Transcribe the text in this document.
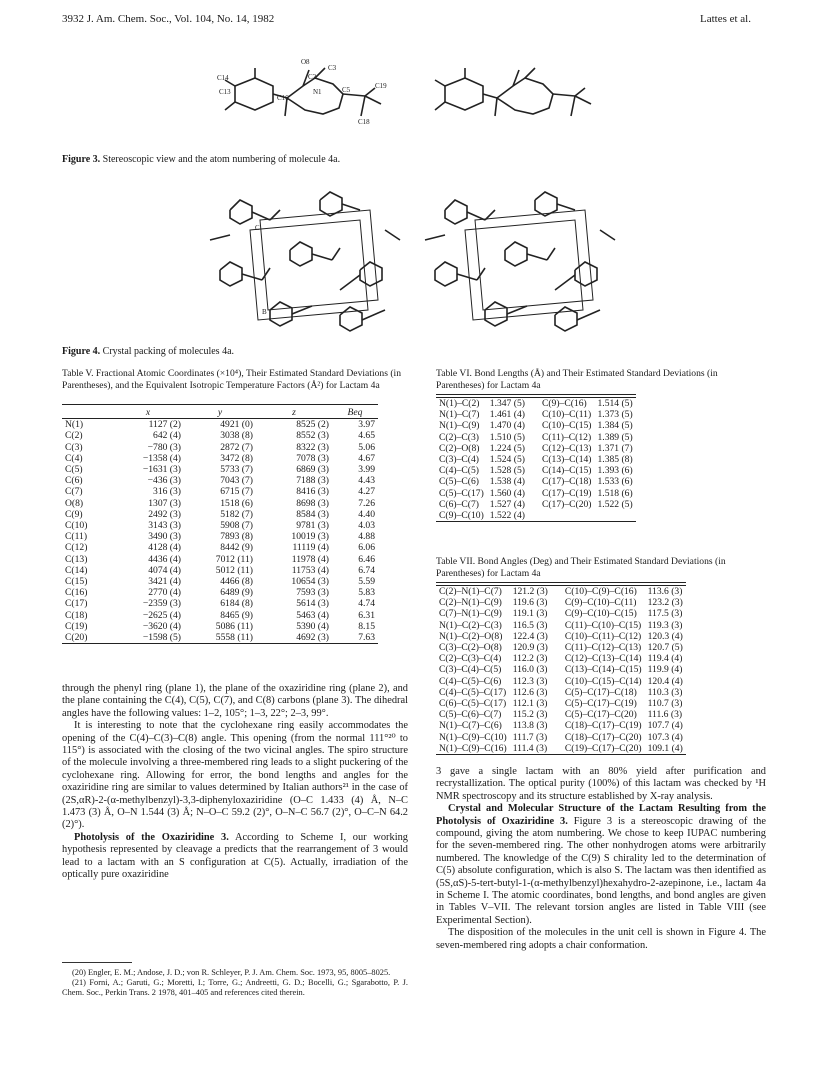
3932 J. Am. Chem. Soc., Vol. 104, No. 14, 1982	Lattes et al.
O8
C2
C3
C5	C19
N1
C13
C14
C16
C18
Figure 3. Stereoscopic view and the atom numbering of molecule 4a.
C
B
Figure 4. Crystal packing of molecules 4a.
Table V. Fractional Atomic Coordinates (×10⁴), Their Estimated Standard Deviations (in Parentheses), and the Equivalent Isotropic Temperature Factors (Å²) for Lactam 4a

	x	y	z	Beq
N(1)	1127 (2)	4921 (0)	8525 (2)	3.97
C(2)	642 (4)	3038 (8)	8552 (3)	4.65
C(3)	−780 (3)	2872 (7)	8322 (3)	5.06
C(4)	−1358 (4)	3472 (8)	7078 (3)	4.67
C(5)	−1631 (3)	5733 (7)	6869 (3)	3.99
C(6)	−436 (3)	7043 (7)	7188 (3)	4.43
C(7)	316 (3)	6715 (7)	8416 (3)	4.27
O(8)	1307 (3)	1518 (6)	8698 (3)	7.26
C(9)	2492 (3)	5182 (7)	8584 (3)	4.40
C(10)	3143 (3)	5908 (7)	9781 (3)	4.03
C(11)	3490 (3)	7893 (8)	10019 (3)	4.88
C(12)	4128 (4)	8442 (9)	11119 (4)	6.06
C(13)	4436 (4)	7012 (11)	11978 (4)	6.46
C(14)	4074 (4)	5012 (11)	11753 (4)	6.74
C(15)	3421 (4)	4466 (8)	10654 (3)	5.59
C(16)	2770 (4)	6489 (9)	7593 (3)	5.83
C(17)	−2359 (3)	6184 (8)	5614 (3)	4.74
C(18)	−2625 (4)	8465 (9)	5463 (4)	6.31
C(19)	−3620 (4)	5086 (11)	5390 (4)	8.15
C(20)	−1598 (5)	5558 (11)	4692 (3)	7.63
Table VI. Bond Lengths (Å) and Their Estimated Standard Deviations (in Parentheses) for Lactam 4a

N(1)–C(2)	1.347 (5)	C(9)–C(16)	1.514 (5)
N(1)–C(7)	1.461 (4)	C(10)–C(11)	1.373 (5)
N(1)–C(9)	1.470 (4)	C(10)–C(15)	1.384 (5)
C(2)–C(3)	1.510 (5)	C(11)–C(12)	1.389 (5)
C(2)–O(8)	1.224 (5)	C(12)–C(13)	1.371 (7)
C(3)–C(4)	1.524 (5)	C(13)–C(14)	1.385 (8)
C(4)–C(5)	1.528 (5)	C(14)–C(15)	1.393 (6)
C(5)–C(6)	1.538 (4)	C(17)–C(18)	1.533 (6)
C(5)–C(17)	1.560 (4)	C(17)–C(19)	1.518 (6)
C(6)–C(7)	1.527 (4)	C(17)–C(20)	1.522 (5)
C(9)–C(10)	1.522 (4)		
Table VII. Bond Angles (Deg) and Their Estimated Standard Deviations (in Parentheses) for Lactam 4a

C(2)–N(1)–C(7)	121.2 (3)	C(10)–C(9)–C(16)	113.6 (3)
C(2)–N(1)–C(9)	119.6 (3)	C(9)–C(10)–C(11)	123.2 (3)
C(7)–N(1)–C(9)	119.1 (3)	C(9)–C(10)–C(15)	117.5 (3)
N(1)–C(2)–C(3)	116.5 (3)	C(11)–C(10)–C(15)	119.3 (3)
N(1)–C(2)–O(8)	122.4 (3)	C(10)–C(11)–C(12)	120.3 (4)
C(3)–C(2)–O(8)	120.9 (3)	C(11)–C(12)–C(13)	120.7 (5)
C(2)–C(3)–C(4)	112.2 (3)	C(12)–C(13)–C(14)	119.4 (4)
C(3)–C(4)–C(5)	116.0 (3)	C(13)–C(14)–C(15)	119.9 (4)
C(4)–C(5)–C(6)	112.3 (3)	C(10)–C(15)–C(14)	120.4 (4)
C(4)–C(5)–C(17)	112.6 (3)	C(5)–C(17)–C(18)	110.3 (3)
C(6)–C(5)–C(17)	112.1 (3)	C(5)–C(17)–C(19)	110.7 (3)
C(5)–C(6)–C(7)	115.2 (3)	C(5)–C(17)–C(20)	111.6 (3)
N(1)–C(7)–C(6)	113.8 (3)	C(18)–C(17)–C(19)	107.7 (4)
N(1)–C(9)–C(10)	111.7 (3)	C(18)–C(17)–C(20)	107.3 (4)
N(1)–C(9)–C(16)	111.4 (3)	C(19)–C(17)–C(20)	109.1 (4)

through the phenyl ring (plane 1), the plane of the oxaziridine ring (plane 2), and the plane containing the C(4), C(5), C(7), and C(8) carbons (plane 3). The dihedral angles have the following values: 1–2, 105°; 1–3, 22°; 2–3, 99°.

It is interesting to note that the cyclohexane ring easily accommodates the opening of the C(4)–C(3)–C(8) angle. This opening (from the normal 111°²⁰ to 115°) is associated with the closing of the two vicinal angles. The spiro structure of the molecule involving a three-membered ring leads to a slight puckering of the cyclohexane ring. Allowing for error, the bond lengths and angles for the oxaziridine ring are similar to values determined by Italian authors²¹ in the case of (2S,αR)-2-(α-methylbenzyl)-3,3-diphenyloxaziridine (O–C 1.433 (4) Å, N–C 1.473 (3) Å, O–N 1.544 (3) Å; N–O–C 59.2 (2)°, O–N–C 56.7 (2)°, O–C–N 64.2 (2)°).

Photolysis of the Oxaziridine 3. According to Scheme I, our working hypothesis represented by cleavage a predicts that the rearrangement of 3 would lead to a lactam with an S configuration at C(5). Actually, irradiation of the optically pure oxaziridine

(20) Engler, E. M.; Andose, J. D.; von R. Schleyer, P. J. Am. Chem. Soc. 1973, 95, 8005–8025.

(21) Forni, A.; Garuti, G.; Moretti, I.; Torre, G.; Andreetti, G. D.; Bocelli, G.; Sgarabotto, P. J. Chem. Soc., Perkin Trans. 2 1978, 401–405 and references cited therein.

3 gave a single lactam with an 80% yield after purification and recrystallization. The optical purity (100%) of this lactam was checked by ¹H NMR spectroscopy and its structure established by X-ray analysis.

Crystal and Molecular Structure of the Lactam Resulting from the Photolysis of Oxaziridine 3. Figure 3 is a stereoscopic drawing of the compound, giving the atom numbering. We chose to keep IUPAC numbering for the seven-membered ring. The other nonhydrogen atoms were arbitrarily numbered. The knowledge of the C(9) S chirality led to the determination of C(5) absolute configuration, which is also S. The lactam was then identified as (5S,αS)-5-tert-butyl-1-(α-methylbenzyl)hexahydro-2-azepinone, i.e., lactam 4a in Scheme I. The atomic coordinates, bond lengths, and bond angles are given in Tables V–VII. The relevant torsion angles are listed in Table VIII (see Experimental Section).

The disposition of the molecules in the unit cell is shown in Figure 4. The seven-membered ring adopts a chair conformation.
